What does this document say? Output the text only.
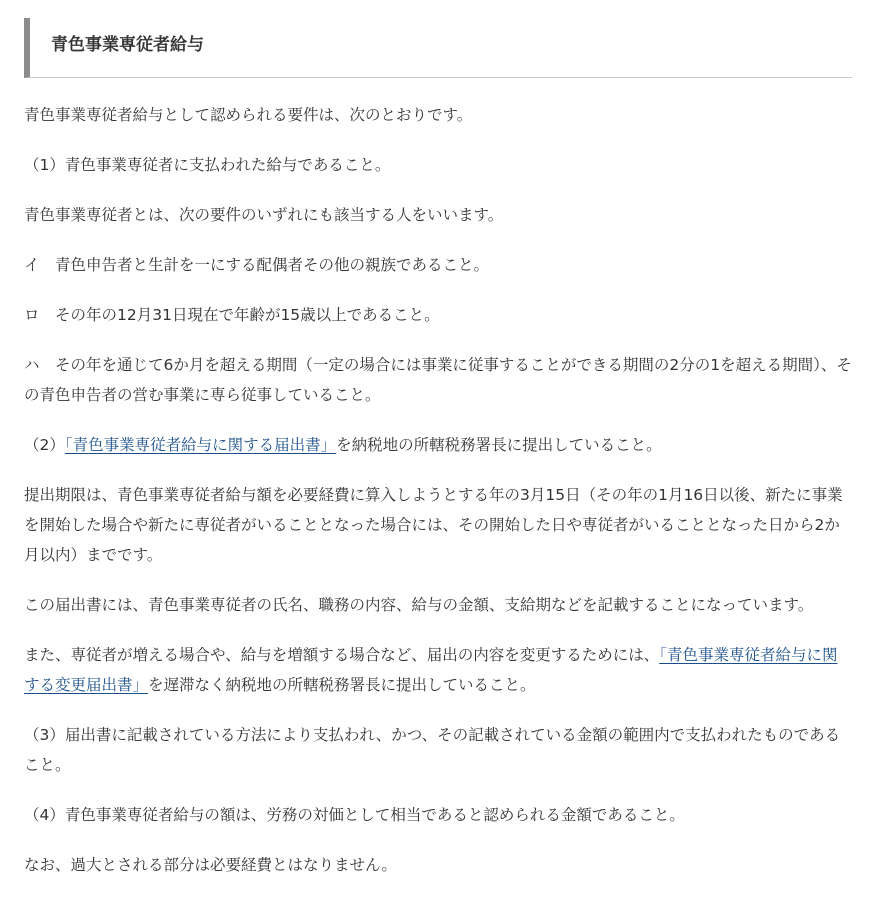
青色事業専従者給与

青色事業専従者給与として認められる要件は、次のとおりです。

（1）青色事業専従者に支払われた給与であること。

青色事業専従者とは、次の要件のいずれにも該当する人をいいます。

イ　青色申告者と生計を一にする配偶者その他の親族であること。

ロ　その年の12月31日現在で年齢が15歳以上であること。

ハ　その年を通じて6か月を超える期間（一定の場合には事業に従事することができる期間の2分の1を超える期間）、その青色申告者の営む事業に専ら従事していること。

（2）「青色事業専従者給与に関する届出書」を納税地の所轄税務署長に提出していること。

提出期限は、青色事業専従者給与額を必要経費に算入しようとする年の3月15日（その年の1月16日以後、新たに事業を開始した場合や新たに専従者がいることとなった場合には、その開始した日や専従者がいることとなった日から2か月以内）までです。

この届出書には、青色事業専従者の氏名、職務の内容、給与の金額、支給期などを記載することになっています。

また、専従者が増える場合や、給与を増額する場合など、届出の内容を変更するためには、「青色事業専従者給与に関する変更届出書」を遅滞なく納税地の所轄税務署長に提出していること。

（3）届出書に記載されている方法により支払われ、かつ、その記載されている金額の範囲内で支払われたものであること。

（4）青色事業専従者給与の額は、労務の対価として相当であると認められる金額であること。

なお、過大とされる部分は必要経費とはなりません。
